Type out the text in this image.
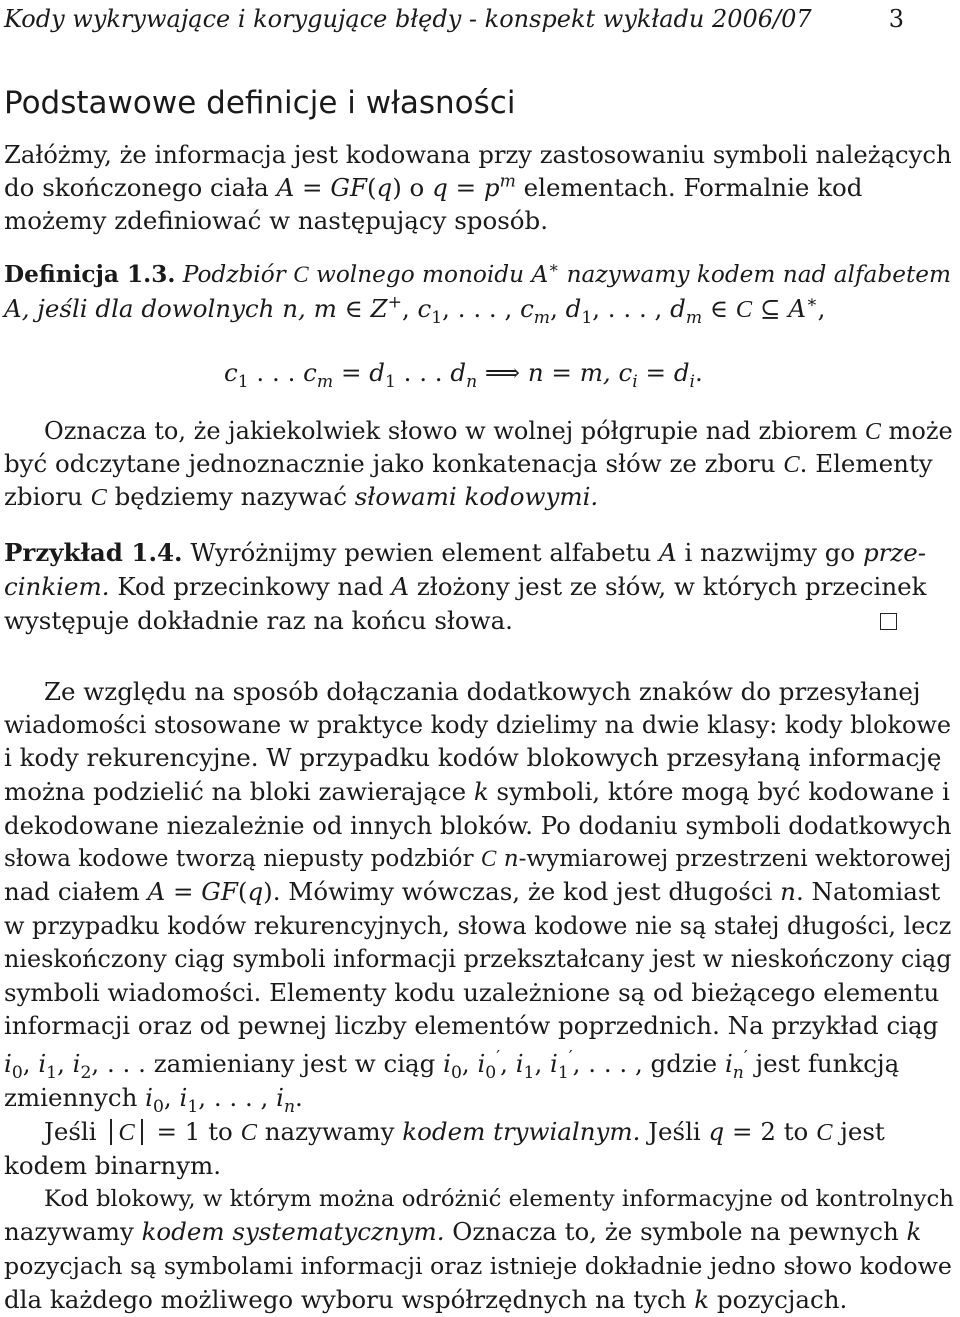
Kody wykrywające i korygujące błędy - konspekt wykładu 2006/07	3
Podstawowe definicje i własności
Załóżmy, że informacja jest kodowana przy zastosowaniu symboli należących
do skończonego ciała A = GF(q) o $q = p^m$ elementach. Formalnie kod
możemy zdefiniować w następujący sposób.
Definicja 1.3. Podzbiór C wolnego monoidu A∗ nazywamy kodem nad alfabetem
A, jeśli dla dowolnych n, m ∈ Z+, $c_1$, . . . , $c_m$, $d_1$, . . . , $d_m$ ∈ C ⊆ A∗,
$c_1$ . . . $c_m = d_1$ . . . $d_n$ ⟹ n = m, $c_i = d_i$.
Oznacza to, że jakiekolwiek słowo w wolnej półgrupie nad zbiorem C może
być odczytane jednoznacznie jako konkatenacja słów ze zboru C. Elementy
zbioru C będziemy nazywać słowami kodowymi.
Przykład 1.4. Wyróżnijmy pewien element alfabetu A i nazwijmy go prze-
cinkiem. Kod przecinkowy nad A złożony jest ze słów, w których przecinek
występuje dokładnie raz na końcu słowa.
Ze względu na sposób dołączania dodatkowych znaków do przesyłanej
wiadomości stosowane w praktyce kody dzielimy na dwie klasy: kody blokowe
i kody rekurencyjne. W przypadku kodów blokowych przesyłaną informację
można podzielić na bloki zawierające k symboli, które mogą być kodowane i
dekodowane niezależnie od innych bloków. Po dodaniu symboli dodatkowych
słowa kodowe tworzą niepusty podzbiór C n-wymiarowej przestrzeni wektorowej
nad ciałem A = GF(q). Mówimy wówczas, że kod jest długości n. Natomiast
w przypadku kodów rekurencyjnych, słowa kodowe nie są stałej długości, lecz
nieskończony ciąg symboli informacji przekształcany jest w nieskończony ciąg
symboli wiadomości. Elementy kodu uzależnione są od bieżącego elementu
informacji oraz od pewnej liczby elementów poprzednich. Na przykład ciąg
$i_0$, $i_1$, $i_2$, . . . zamieniany jest w ciąg $i_0$, $i_0'$, $i_1$, $i_1'$, . . . , gdzie $i_n'$ jest funkcją
zmiennych $i_0$, $i_1$, . . . , $i_n$.
Jeśli C = 1 to C nazywamy kodem trywialnym. Jeśli q = 2 to C jest
kodem binarnym.
Kod blokowy, w którym można odróżnić elementy informacyjne od kontrolnych
nazywamy kodem systematycznym. Oznacza to, że symbole na pewnych k
pozycjach są symbolami informacji oraz istnieje dokładnie jedno słowo kodowe
dla każdego możliwego wyboru współrzędnych na tych k pozycjach.
